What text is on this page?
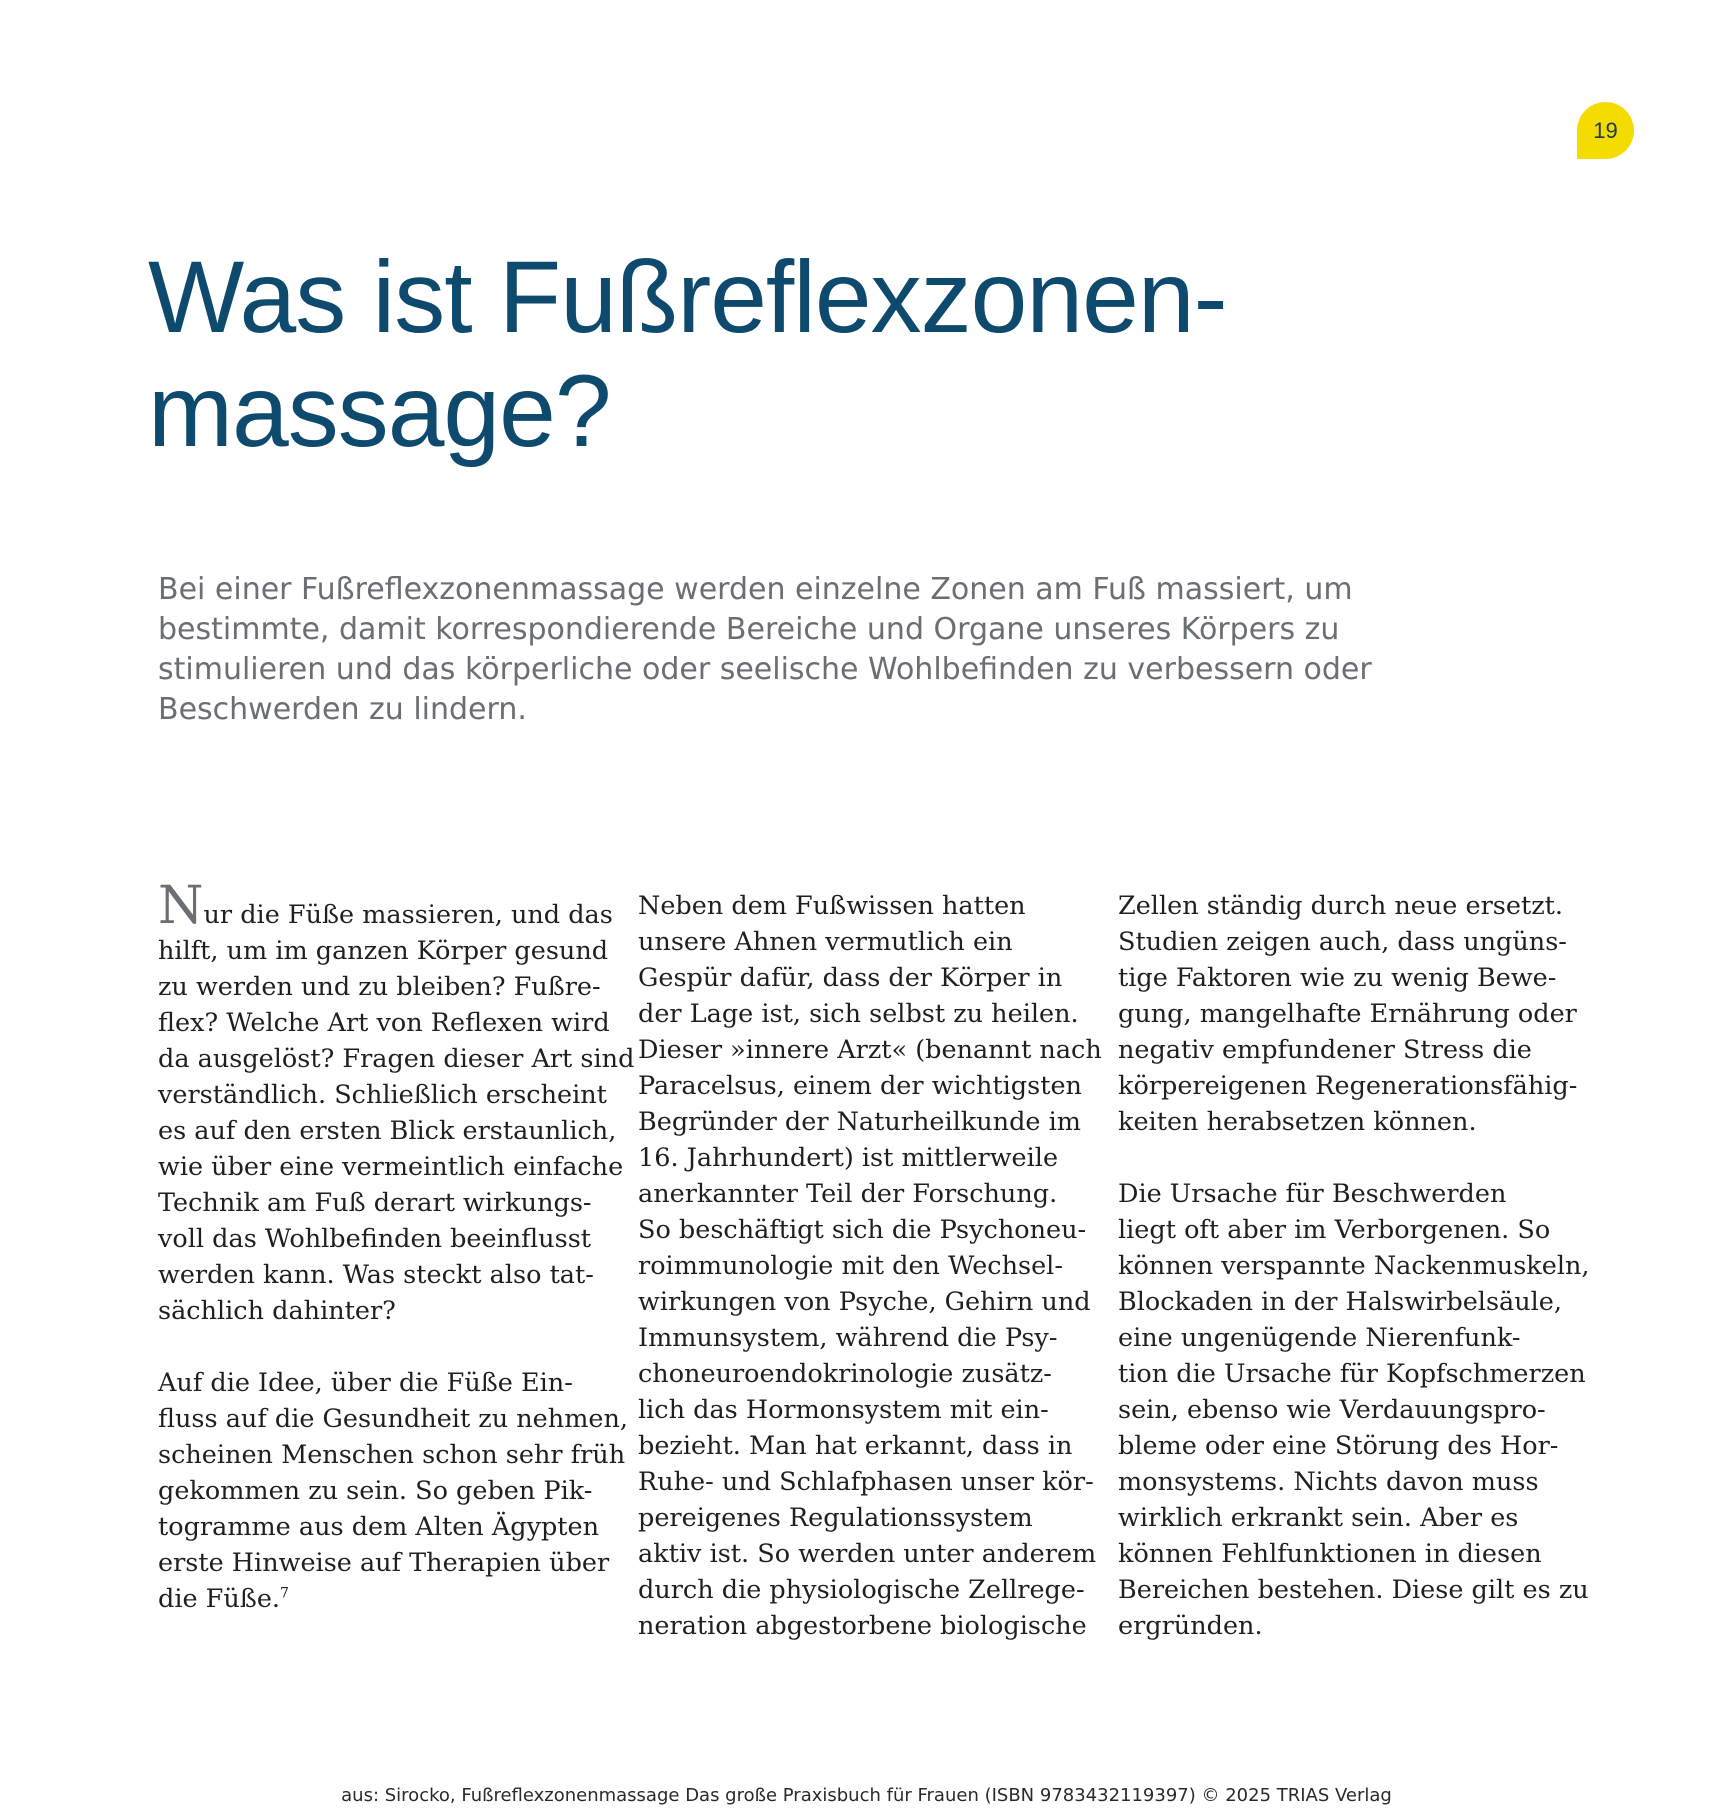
19
Was ist Fußreflexzonen-
massage?
Bei einer Fußreflexzonenmassage werden einzelne Zonen am Fuß massiert, um
bestimmte, damit korrespondierende Bereiche und Organe unseres Körpers zu
stimulieren und das körperliche oder seelische Wohlbefinden zu verbessern oder
Beschwerden zu lindern.
Nur die Füße massieren, und das
hilft, um im ganzen Körper gesund
zu werden und zu bleiben? Fußre-
flex? Welche Art von Reflexen wird
da ausgelöst? Fragen dieser Art sind
verständlich. Schließlich erscheint
es auf den ersten Blick erstaunlich,
wie über eine vermeintlich einfache
Technik am Fuß derart wirkungs-
voll das Wohlbefinden beeinflusst
werden kann. Was steckt also tat-
sächlich dahinter?
Auf die Idee, über die Füße Ein-
fluss auf die Gesundheit zu nehmen,
scheinen Menschen schon sehr früh
gekommen zu sein. So geben Pik-
togramme aus dem Alten Ägypten
erste Hinweise auf Therapien über
die Füße.$^7$
Neben dem Fußwissen hatten
unsere Ahnen vermutlich ein
Gespür dafür, dass der Körper in
der Lage ist, sich selbst zu heilen.
Dieser »innere Arzt« (benannt nach
Paracelsus, einem der wichtigsten
Begründer der Naturheilkunde im
16. Jahrhundert) ist mittlerweile
anerkannter Teil der Forschung.
So beschäftigt sich die Psychoneu-
roimmunologie mit den Wechsel-
wirkungen von Psyche, Gehirn und
Immunsystem, während die Psy-
choneuroendokrinologie zusätz-
lich das Hormonsystem mit ein-
bezieht. Man hat erkannt, dass in
Ruhe- und Schlafphasen unser kör-
pereigenes Regulationssystem
aktiv ist. So werden unter anderem
durch die physiologische Zellrege-
neration abgestorbene biologische
Zellen ständig durch neue ersetzt.
Studien zeigen auch, dass ungüns-
tige Faktoren wie zu wenig Bewe-
gung, mangelhafte Ernährung oder
negativ empfundener Stress die
körpereigenen Regenerationsfähig-
keiten herabsetzen können.
Die Ursache für Beschwerden
liegt oft aber im Verborgenen. So
können verspannte Nackenmuskeln,
Blockaden in der Halswirbelsäule,
eine ungenügende Nierenfunk-
tion die Ursache für Kopfschmerzen
sein, ebenso wie Verdauungspro-
bleme oder eine Störung des Hor-
monsystems. Nichts davon muss
wirklich erkrankt sein. Aber es
können Fehlfunktionen in diesen
Bereichen bestehen. Diese gilt es zu
ergründen.
aus: Sirocko, Fußreflexzonenmassage Das große Praxisbuch für Frauen (ISBN 9783432119397) © 2025 TRIAS Verlag
